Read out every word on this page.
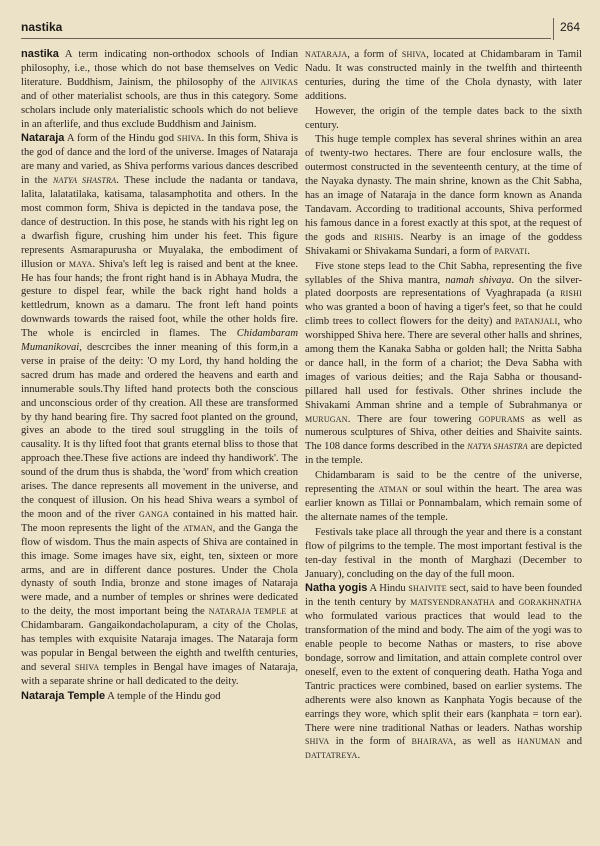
nastika	264

nastika A term indicating non-orthodox schools of Indian philosophy, i.e., those which do not base themselves on Vedic literature. Buddhism, Jainism, the philosophy of the AJIVIKAS and of other materialist schools, are thus in this category. Some scholars include only materialistic schools which do not believe in an afterlife, and thus exclude Buddhism and Jainism.

Nataraja A form of the Hindu god SHIVA. In this form, Shiva is the god of dance and the lord of the universe. Images of Nataraja are many and varied, as Shiva performs various dances described in the NATYA SHASTRA. These include the nadanta or tandava, lalita, lalatatilaka, katisama, talasamphotita and others. In the most common form, Shiva is depicted in the tandava pose, the dance of destruction. In this pose, he stands with his right leg on a dwarfish figure, crushing him under his feet. This figure represents Asmarapurusha or Muyalaka, the embodiment of illusion or MAYA. Shiva's left leg is raised and bent at the knee. He has four hands; the front right hand is in Abhaya Mudra, the gesture to dispel fear, while the back right hand holds a kettledrum, known as a damaru. The front left hand points downwards towards the raised foot, while the other holds fire. The whole is encircled in flames. The Chidambaram Mumanikovai, descrcibes the inner meaning of this form,in a verse in praise of the deity: 'O my Lord, thy hand holding the sacred drum has made and ordered the heavens and earth and innumerable souls.Thy lifted hand protects both the conscious and unconscious order of thy creation. All these are transformed by thy hand bearing fire. Thy sacred foot planted on the ground, gives an abode to the tired soul struggling in the toils of causality. It is thy lifted foot that grants eternal bliss to those that approach thee.These five actions are indeed thy handiwork'. The sound of the drum thus is shabda, the 'word' from which creation arises. The dance represents all movement in the universe, and the conquest of illusion. On his head Shiva wears a symbol of the moon and of the river GANGA contained in his matted hair. The moon represents the light of the ATMAN, and the Ganga the flow of wisdom. Thus the main aspects of Shiva are contained in this image. Some images have six, eight, ten, sixteen or more arms, and are in different dance postures. Under the Chola dynasty of south India, bronze and stone images of Nataraja were made, and a number of temples or shrines were dedicated to the deity, the most important being the NATARAJA TEMPLE at Chidambaram. Gangaikondacholapuram, a city of the Cholas, has temples with exquisite Nataraja images. The Nataraja form was popular in Bengal between the eighth and twelfth centuries, and several SHIVA temples in Bengal have images of Nataraja, with a separate shrine or hall dedicated to the deity.

Nataraja Temple A temple of the Hindu god

NATARAJA, a form of SHIVA, located at Chidambaram in Tamil Nadu. It was constructed mainly in the twelfth and thirteenth centuries, during the time of the Chola dynasty, with later additions.

However, the origin of the temple dates back to the sixth century.

This huge temple complex has several shrines within an area of twenty-two hectares. There are four enclosure walls, the outermost constructed in the seventeenth century, at the time of the Nayaka dynasty. The main shrine, known as the Chit Sabha, has an image of Nataraja in the dance form known as Ananda Tandavam. According to traditional accounts, Shiva performed his famous dance in a forest exactly at this spot, at the request of the gods and RISHIS. Nearby is an image of the goddess Shivakami or Shivakama Sundari, a form of PARVATI.

Five stone steps lead to the Chit Sabha, representing the five syllables of the Shiva mantra, namah shivaya. On the silver-plated doorposts are representations of Vyaghrapada (a RISHI who was granted a boon of having a tiger's feet, so that he could climb trees to collect flowers for the deity) and PATANJALI, who worshipped Shiva here. There are several other halls and shrines, among them the Kanaka Sabha or golden hall; the Nritta Sabha or dance hall, in the form of a chariot; the Deva Sabha with images of various deities; and the Raja Sabha or thousand-pillared hall used for festivals. Other shrines include the Shivakami Amman shrine and a temple of Subrahmanya or MURUGAN. There are four towering GOPURAMS as well as numerous sculptures of Shiva, other deities and Shaivite saints. The 108 dance forms described in the NATYA SHASTRA are depicted in the temple.

Chidambaram is said to be the centre of the universe, representing the ATMAN or soul within the heart. The area was earlier known as Tillai or Ponnambalam, which remain some of the alternate names of the temple.

Festivals take place all through the year and there is a constant flow of pilgrims to the temple. The most important festival is the ten-day festival in the month of Marghazi (December to January), concluding on the day of the full moon.

Natha yogis A Hindu SHAIVITE sect, said to have been founded in the tenth century by MATSYENDRANATHA and GORAKHNATHA who formulated various practices that would lead to the transformation of the mind and body. The aim of the yogi was to enable people to become Nathas or masters, to rise above bondage, sorrow and limitation, and attain complete control over oneself, even to the extent of conquering death. Hatha Yoga and Tantric practices were combined, based on earlier systems. The adherents were also known as Kanphata Yogis because of the earrings they wore, which split their ears (kanphata = torn ear). There were nine traditional Nathas or leaders. Nathas worship SHIVA in the form of BHAIRAVA, as well as HANUMAN and DATTATREYA.
